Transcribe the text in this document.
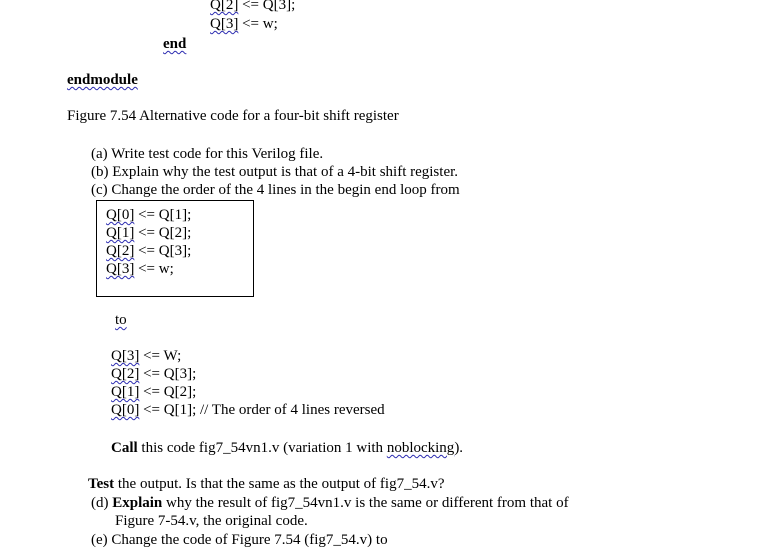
Q[2] <= Q[3];
Q[3] <= w;
end
endmodule
Figure 7.54 Alternative code for a four-bit shift register
(a) Write test code for this Verilog file.
(b) Explain why the test output is that of a 4-bit shift register.
(c) Change the order of the 4 lines in the begin end loop from
Q[0] <= Q[1];
Q[1] <= Q[2];
Q[2] <= Q[3];
Q[3] <= w;
to
Q[3] <= W;
Q[2] <= Q[3];
Q[1] <= Q[2];
Q[0] <= Q[1]; // The order of 4 lines reversed
Call this code fig7_54vn1.v (variation 1 with noblocking).
Test the output. Is that the same as the output of fig7_54.v?
(d) Explain why the result of fig7_54vn1.v is the same or different from that of
Figure 7-54.v, the original code.
(e) Change the code of Figure 7.54 (fig7_54.v) to
